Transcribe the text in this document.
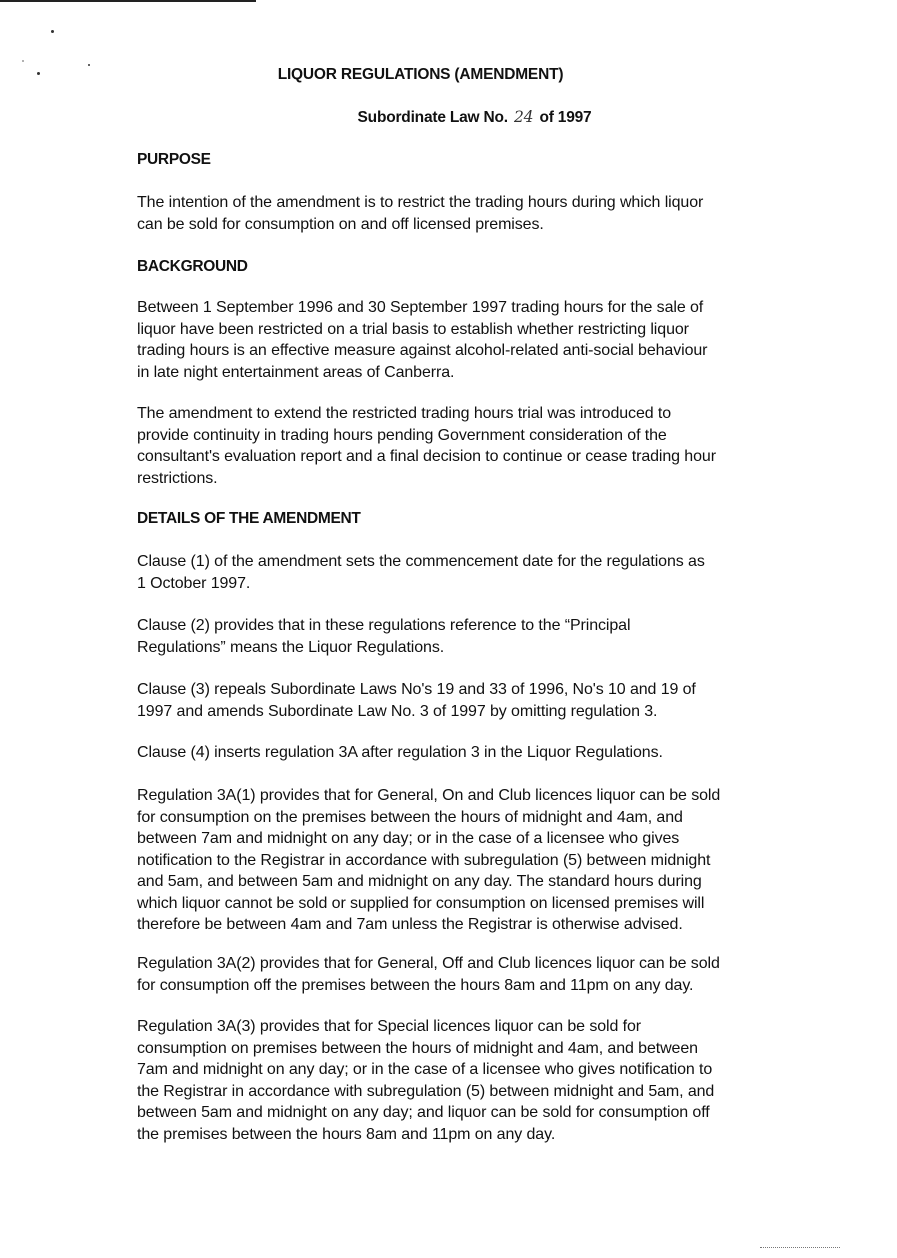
LIQUOR REGULATIONS (AMENDMENT)
Subordinate Law No. 24 of 1997
PURPOSE
The intention of the amendment is to restrict the trading hours during which liquor
can be sold for consumption on and off licensed premises.
BACKGROUND
Between 1 September 1996 and 30 September 1997 trading hours for the sale of
liquor have been restricted on a trial basis to establish whether restricting liquor
trading hours is an effective measure against alcohol-related anti-social behaviour
in late night entertainment areas of Canberra.
The amendment to extend the restricted trading hours trial was introduced to
provide continuity in trading hours pending Government consideration of the
consultant's evaluation report and a final decision to continue or cease trading hour
restrictions.
DETAILS OF THE AMENDMENT
Clause (1) of the amendment sets the commencement date for the regulations as
1 October 1997.
Clause (2) provides that in these regulations reference to the “Principal
Regulations” means the Liquor Regulations.
Clause (3) repeals Subordinate Laws No's 19 and 33 of 1996, No's 10 and 19 of
1997 and amends Subordinate Law No. 3 of 1997 by omitting regulation 3.
Clause (4) inserts regulation 3A after regulation 3 in the Liquor Regulations.
Regulation 3A(1) provides that for General, On and Club licences liquor can be sold
for consumption on the premises between the hours of midnight and 4am, and
between 7am and midnight on any day; or in the case of a licensee who gives
notification to the Registrar in accordance with subregulation (5) between midnight
and 5am, and between 5am and midnight on any day. The standard hours during
which liquor cannot be sold or supplied for consumption on licensed premises will
therefore be between 4am and 7am unless the Registrar is otherwise advised.
Regulation 3A(2) provides that for General, Off and Club licences liquor can be sold
for consumption off the premises between the hours 8am and 11pm on any day.
Regulation 3A(3) provides that for Special licences liquor can be sold for
consumption on premises between the hours of midnight and 4am, and between
7am and midnight on any day; or in the case of a licensee who gives notification to
the Registrar in accordance with subregulation (5) between midnight and 5am, and
between 5am and midnight on any day; and liquor can be sold for consumption off
the premises between the hours 8am and 11pm on any day.
